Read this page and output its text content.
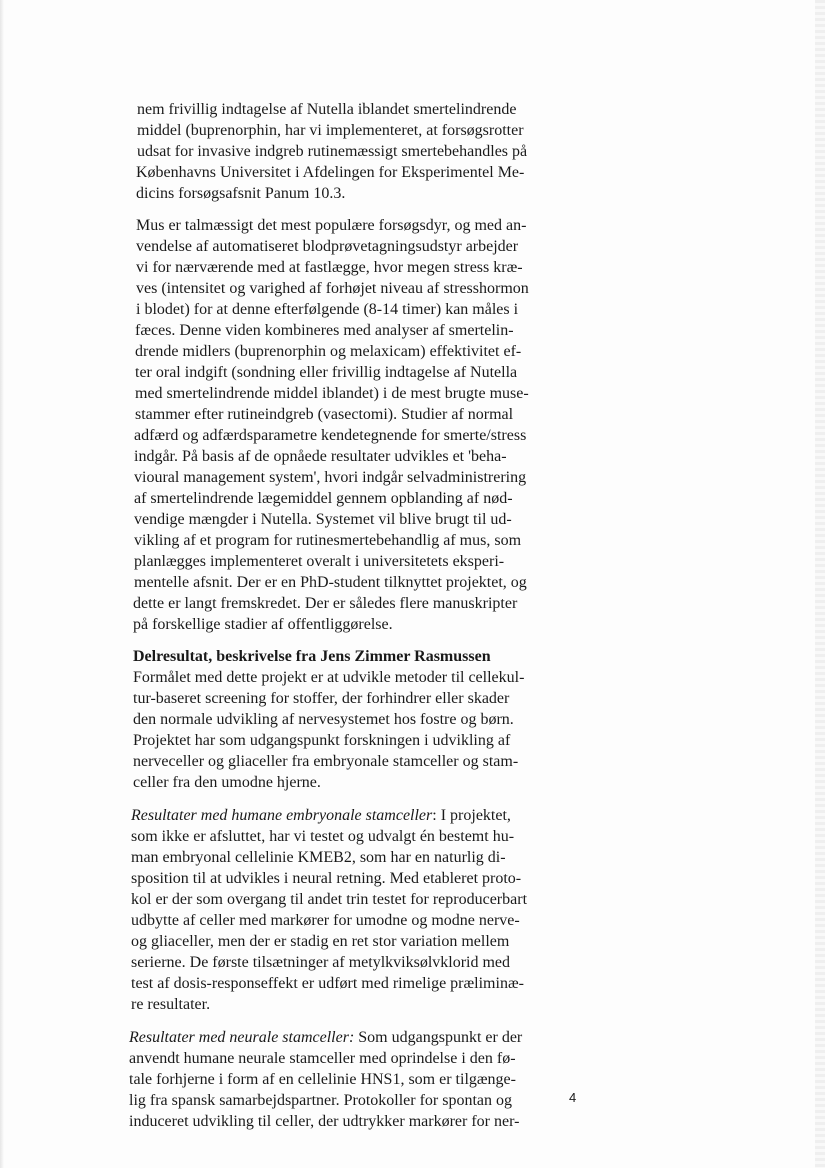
nem frivillig indtagelse af Nutella iblandet smertelindrende
middel (buprenorphin, har vi implementeret, at forsøgsrotter
udsat for invasive indgreb rutinemæssigt smertebehandles på
Københavns Universitet i Afdelingen for Eksperimentel Me-
dicins forsøgsafsnit Panum 10.3.
Mus er talmæssigt det mest populære forsøgsdyr, og med an-
vendelse af automatiseret blodprøvetagningsudstyr arbejder
vi for nærværende med at fastlægge, hvor megen stress kræ-
ves (intensitet og varighed af forhøjet niveau af stresshormon
i blodet) for at denne efterfølgende (8-14 timer) kan måles i
fæces. Denne viden kombineres med analyser af smertelin-
drende midlers (buprenorphin og melaxicam) effektivitet ef-
ter oral indgift (sondning eller frivillig indtagelse af Nutella
med smertelindrende middel iblandet) i de mest brugte muse-
stammer efter rutineindgreb (vasectomi). Studier af normal
adfærd og adfærdsparametre kendetegnende for smerte/stress
indgår. På basis af de opnåede resultater udvikles et 'beha-
vioural management system', hvori indgår selvadministrering
af smertelindrende lægemiddel gennem opblanding af nød-
vendige mængder i Nutella. Systemet vil blive brugt til ud-
vikling af et program for rutinesmertebehandlig af mus, som
planlægges implementeret overalt i universitetets eksperi-
mentelle afsnit. Der er en PhD-student tilknyttet projektet, og
dette er langt fremskredet. Der er således flere manuskripter
på forskellige stadier af offentliggørelse.
Delresultat, beskrivelse fra Jens Zimmer Rasmussen
Formålet med dette projekt er at udvikle metoder til cellekul-
tur-baseret screening for stoffer, der forhindrer eller skader
den normale udvikling af nervesystemet hos fostre og børn.
Projektet har som udgangspunkt forskningen i udvikling af
nerveceller og gliaceller fra embryonale stamceller og stam-
celler fra den umodne hjerne.
Resultater med humane embryonale stamceller: I projektet,
som ikke er afsluttet, har vi testet og udvalgt én bestemt hu-
man embryonal cellelinie KMEB2, som har en naturlig di-
sposition til at udvikles i neural retning. Med etableret proto-
kol er der som overgang til andet trin testet for reproducerbart
udbytte af celler med markører for umodne og modne nerve-
og gliaceller, men der er stadig en ret stor variation mellem
serierne. De første tilsætninger af metylkviksølvklorid med
test af dosis-responseffekt er udført med rimelige præliminæ-
re resultater.
Resultater med neurale stamceller: Som udgangspunkt er der
anvendt humane neurale stamceller med oprindelse i den fø-
tale forhjerne i form af en cellelinie HNS1, som er tilgænge-
lig fra spansk samarbejdspartner. Protokoller for spontan og
induceret udvikling til celler, der udtrykker markører for ner-
4
